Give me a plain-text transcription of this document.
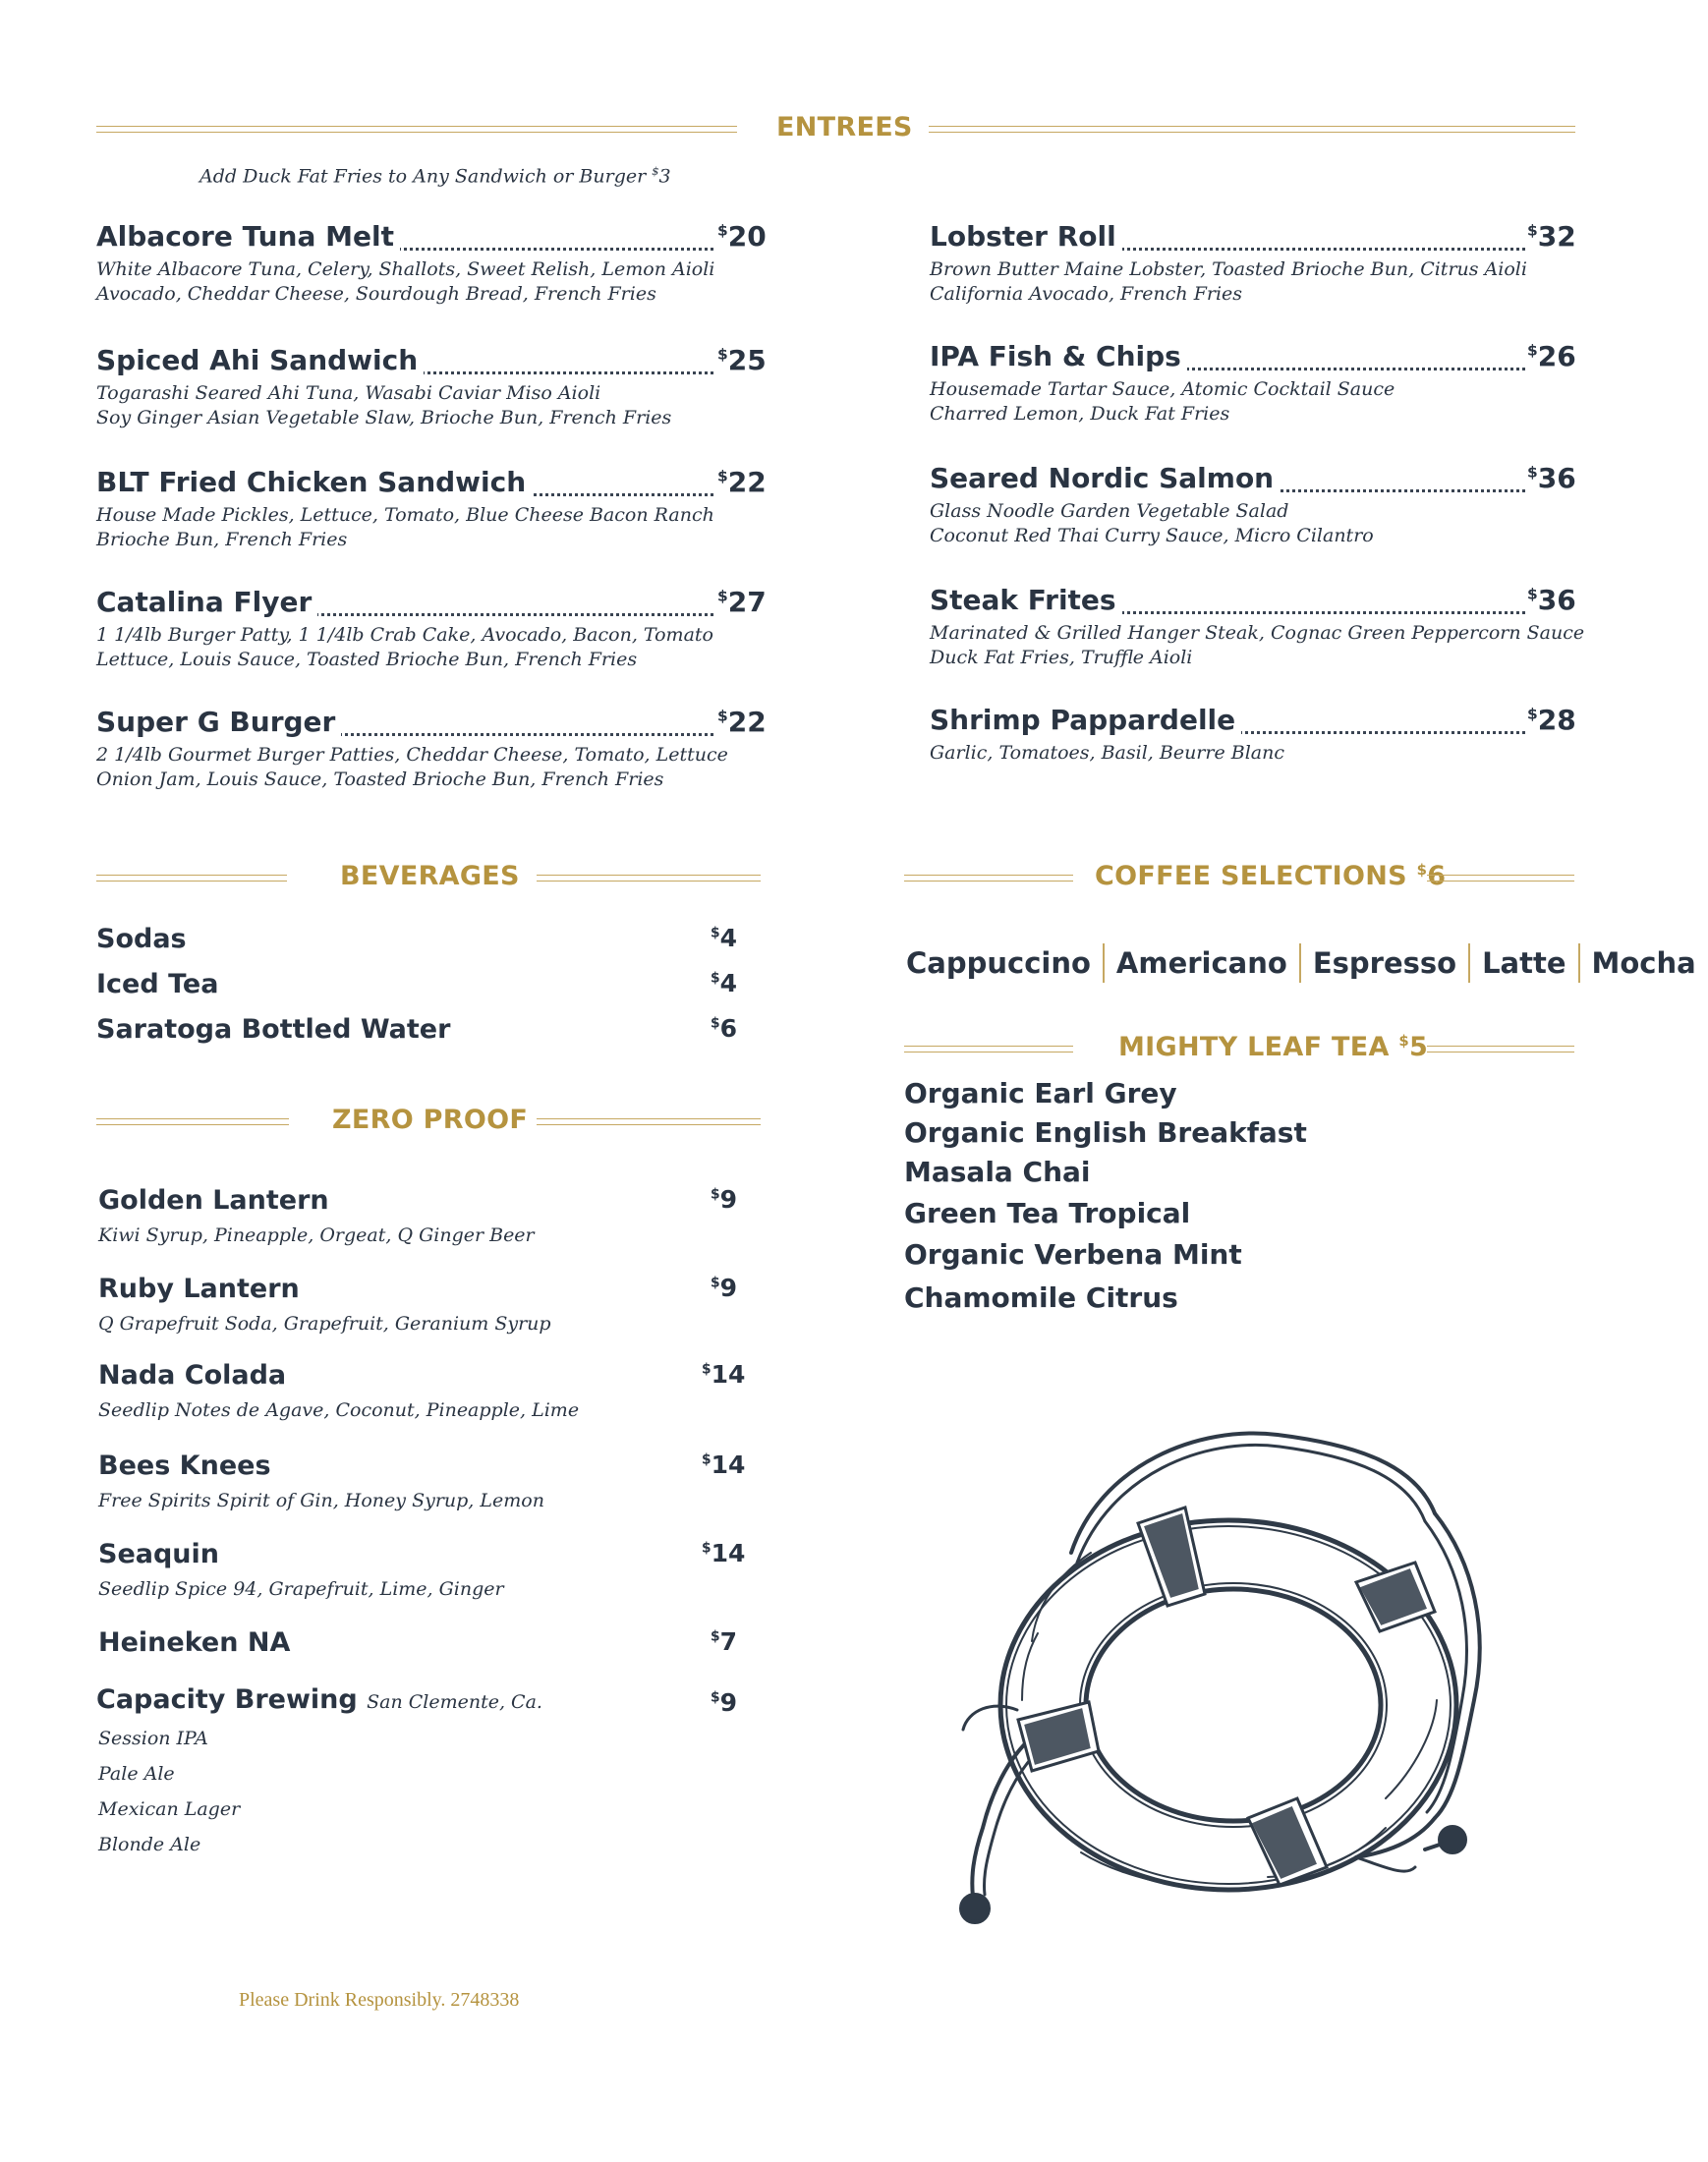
ENTREES
Add Duck Fat Fries to Any Sandwich or Burger $3
Albacore Tuna Melt	$20
White Albacore Tuna, Celery, Shallots, Sweet Relish, Lemon Aioli
Avocado, Cheddar Cheese, Sourdough Bread, French Fries
Spiced Ahi Sandwich	$25
Togarashi Seared Ahi Tuna, Wasabi Caviar Miso Aioli
Soy Ginger Asian Vegetable Slaw, Brioche Bun, French Fries
BLT Fried Chicken Sandwich	$22
House Made Pickles, Lettuce, Tomato, Blue Cheese Bacon Ranch
Brioche Bun, French Fries
Catalina Flyer	$27
1 1/4lb Burger Patty, 1 1/4lb Crab Cake, Avocado, Bacon, Tomato
Lettuce, Louis Sauce, Toasted Brioche Bun, French Fries
Super G Burger	$22
2 1/4lb Gourmet Burger Patties, Cheddar Cheese, Tomato, Lettuce
Onion Jam, Louis Sauce, Toasted Brioche Bun, French Fries
Lobster Roll	$32
Brown Butter Maine Lobster, Toasted Brioche Bun, Citrus Aioli
California Avocado, French Fries
IPA Fish & Chips	$26
Housemade Tartar Sauce, Atomic Cocktail Sauce
Charred Lemon, Duck Fat Fries
Seared Nordic Salmon	$36
Glass Noodle Garden Vegetable Salad
Coconut Red Thai Curry Sauce, Micro Cilantro
Steak Frites	$36
Marinated & Grilled Hanger Steak, Cognac Green Peppercorn Sauce
Duck Fat Fries, Truffle Aioli
Shrimp Pappardelle	$28
Garlic, Tomatoes, Basil, Beurre Blanc
BEVERAGES
Sodas	$4
Iced Tea	$4
Saratoga Bottled Water	$6
ZERO PROOF
Golden Lantern	$9
Kiwi Syrup, Pineapple, Orgeat, Q Ginger Beer
Ruby Lantern	$9
Q Grapefruit Soda, Grapefruit, Geranium Syrup
Nada Colada	$14
Seedlip Notes de Agave, Coconut, Pineapple, Lime
Bees Knees	$14
Free Spirits Spirit of Gin, Honey Syrup, Lemon
Seaquin	$14
Seedlip Spice 94, Grapefruit, Lime, Ginger
Heineken NA	$7
Capacity Brewing San Clemente, Ca.	$9
Session IPA
Pale Ale
Mexican Lager
Blonde Ale
COFFEE SELECTIONS $6
Cappuccino Americano Espresso Latte Mocha
MIGHTY LEAF TEA $5
Organic Earl Grey
Organic English Breakfast
Masala Chai
Green Tea Tropical
Organic Verbena Mint
Chamomile Citrus
Please Drink Responsibly. 2748338
